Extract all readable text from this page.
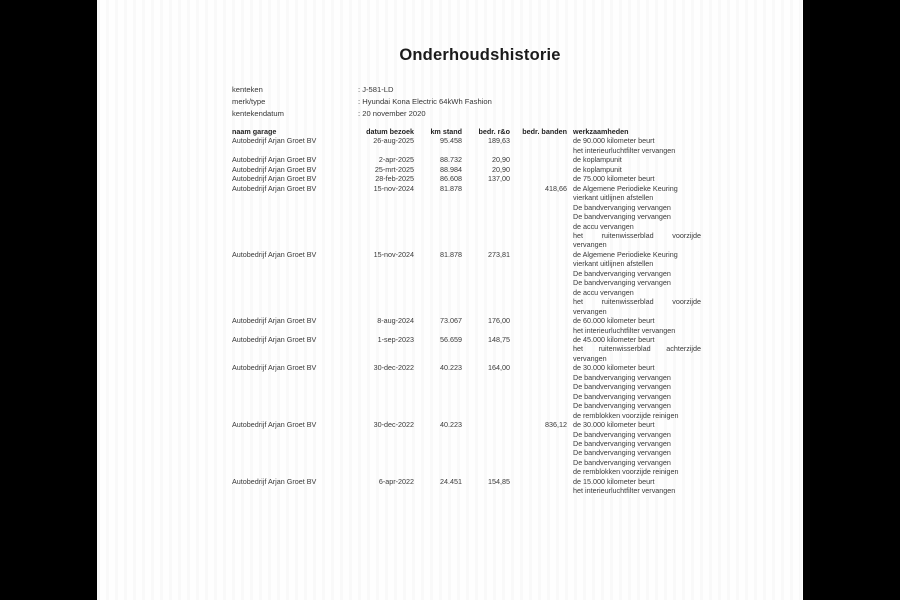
Onderhoudshistorie
kenteken	: J-581-LD
merk/type	: Hyundai Kona Electric 64kWh Fashion
kentekendatum	: 20 november 2020
naam garage	datum bezoek	km stand	bedr. r&o	bedr. banden	werkzaamheden
Autobedrijf Arjan Groet BV	26-aug-2025	95.458	189,63		de 90.000 kilometer beurt
het interieurluchtfilter vervangen

Autobedrijf Arjan Groet BV	2-apr-2025	88.732	20,90		de koplampunit

Autobedrijf Arjan Groet BV	25-mrt-2025	88.984	20,90		de koplampunit

Autobedrijf Arjan Groet BV	28-feb-2025	86.608	137,00		de 75.000 kilometer beurt

Autobedrijf Arjan Groet BV	15-nov-2024	81.878		418,66	de Algemene Periodieke Keuring
vierkant uitlijnen afstellen
De bandvervanging vervangen
De bandvervanging vervangen
de accu vervangen
het ruitenwisserblad voorzijde vervangen

Autobedrijf Arjan Groet BV	15-nov-2024	81.878	273,81		de Algemene Periodieke Keuring
vierkant uitlijnen afstellen
De bandvervanging vervangen
De bandvervanging vervangen
de accu vervangen
het ruitenwisserblad voorzijde vervangen

Autobedrijf Arjan Groet BV	8-aug-2024	73.067	176,00		de 60.000 kilometer beurt
het interieurluchtfilter vervangen

Autobedrijf Arjan Groet BV	1-sep-2023	56.659	148,75		de 45.000 kilometer beurt
het ruitenwisserblad achterzijde vervangen

Autobedrijf Arjan Groet BV	30-dec-2022	40.223	164,00		de 30.000 kilometer beurt
De bandvervanging vervangen
De bandvervanging vervangen
De bandvervanging vervangen
De bandvervanging vervangen
de remblokken voorzijde reinigen

Autobedrijf Arjan Groet BV	30-dec-2022	40.223		836,12	de 30.000 kilometer beurt
De bandvervanging vervangen
De bandvervanging vervangen
De bandvervanging vervangen
De bandvervanging vervangen
de remblokken voorzijde reinigen

Autobedrijf Arjan Groet BV	6-apr-2022	24.451	154,85		de 15.000 kilometer beurt
het interieurluchtfilter vervangen
